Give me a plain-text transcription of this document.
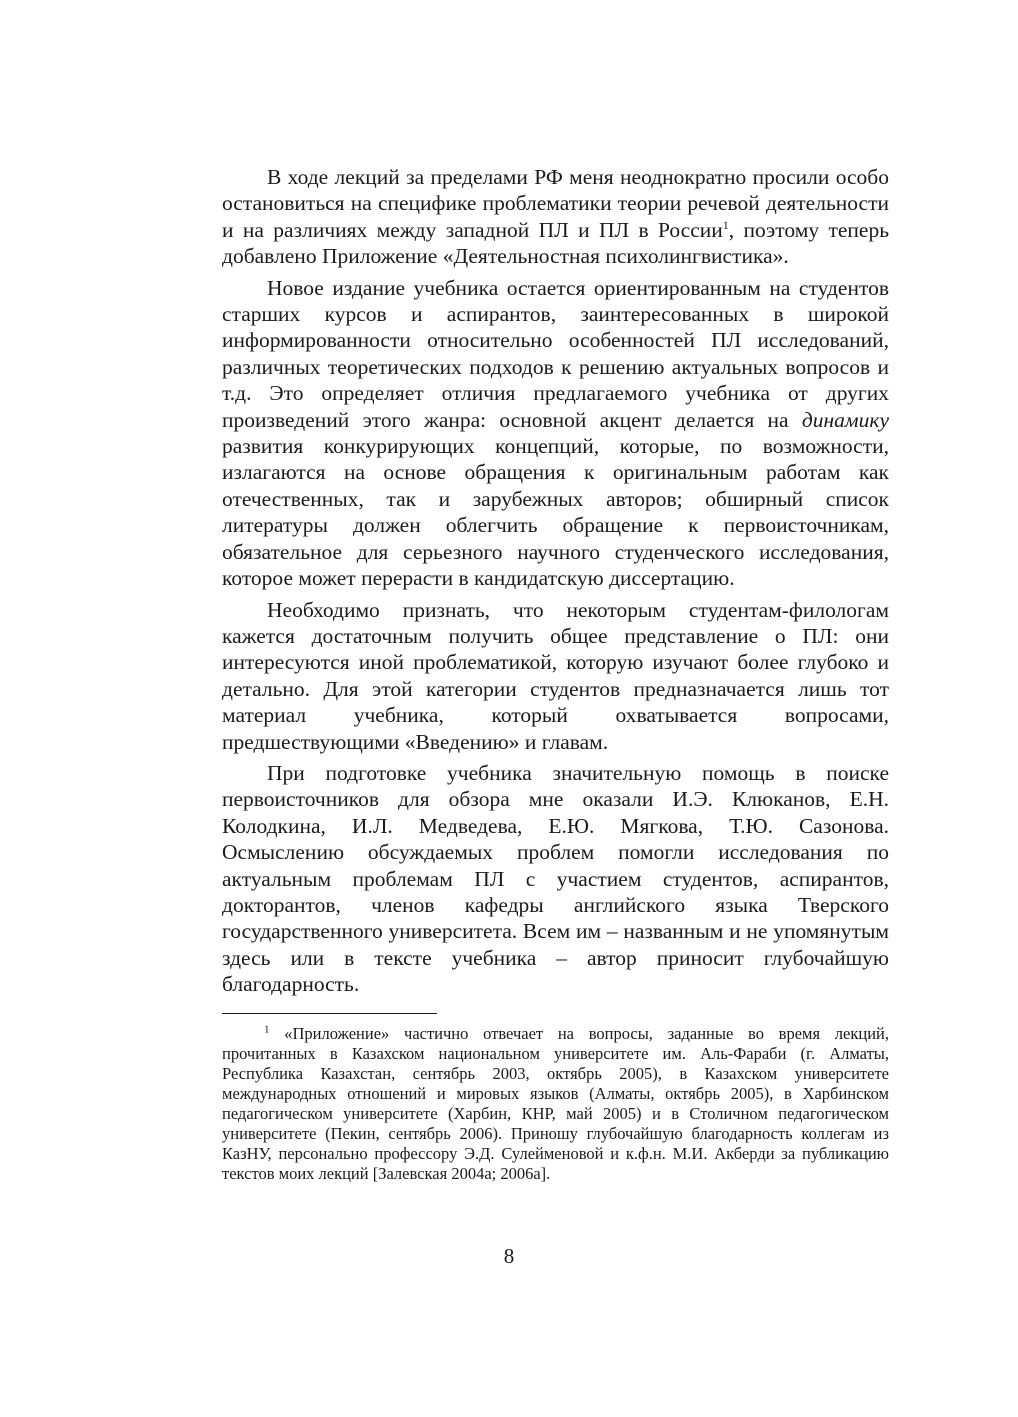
В ходе лекций за пределами РФ меня неоднократно просили особо остановиться на специфике проблематики теории речевой деятельности и на различиях между западной ПЛ и ПЛ в России$^1$, поэтому теперь добавлено Приложение «Деятельностная психолингвистика».

Новое издание учебника остается ориентированным на студентов старших курсов и аспирантов, заинтересованных в широкой информированности относительно особенностей ПЛ исследований, различных теоретических подходов к решению актуальных вопросов и т.д. Это определяет отличия предлагаемого учебника от других произведений этого жанра: основной акцент делается на динамику развития конкурирующих концепций, которые, по возможности, излагаются на основе обращения к оригинальным работам как отечественных, так и зарубежных авторов; обширный список литературы должен облегчить обращение к первоисточникам, обязательное для серьезного научного студенческого исследования, которое может перерасти в кандидатскую диссертацию.

Необходимо признать, что некоторым студентам-филологам кажется достаточным получить общее представление о ПЛ: они интересуются иной проблематикой, которую изучают более глубоко и детально. Для этой категории студентов предназначается лишь тот материал учебника, который охватывается вопросами, предшествующими «Введению» и главам.

При подготовке учебника значительную помощь в поиске первоисточников для обзора мне оказали И.Э. Клюканов, Е.Н. Колодкина, И.Л. Медведева, Е.Ю. Мягкова, Т.Ю. Сазонова. Осмыслению обсуждаемых проблем помогли исследования по актуальным проблемам ПЛ с участием студентов, аспирантов, докторантов, членов кафедры английского языка Тверского государственного университета. Всем им – названным и не упомянутым здесь или в тексте учебника – автор приносит глубочайшую благодарность.

$^1$ «Приложение» частично отвечает на вопросы, заданные во время лекций, прочитанных в Казахском национальном университете им. Аль-Фараби (г. Алматы, Республика Казахстан, сентябрь 2003, октябрь 2005), в Казахском университете международных отношений и мировых языков (Алматы, октябрь 2005), в Харбинском педагогическом университете (Харбин, КНР, май 2005) и в Столичном педагогическом университете (Пекин, сентябрь 2006). Приношу глубочайшую благодарность коллегам из КазНУ, персонально профессору Э.Д. Сулейменовой и к.ф.н. М.И. Акберди за публикацию текстов моих лекций [Залевская 2004а; 2006а].

8
